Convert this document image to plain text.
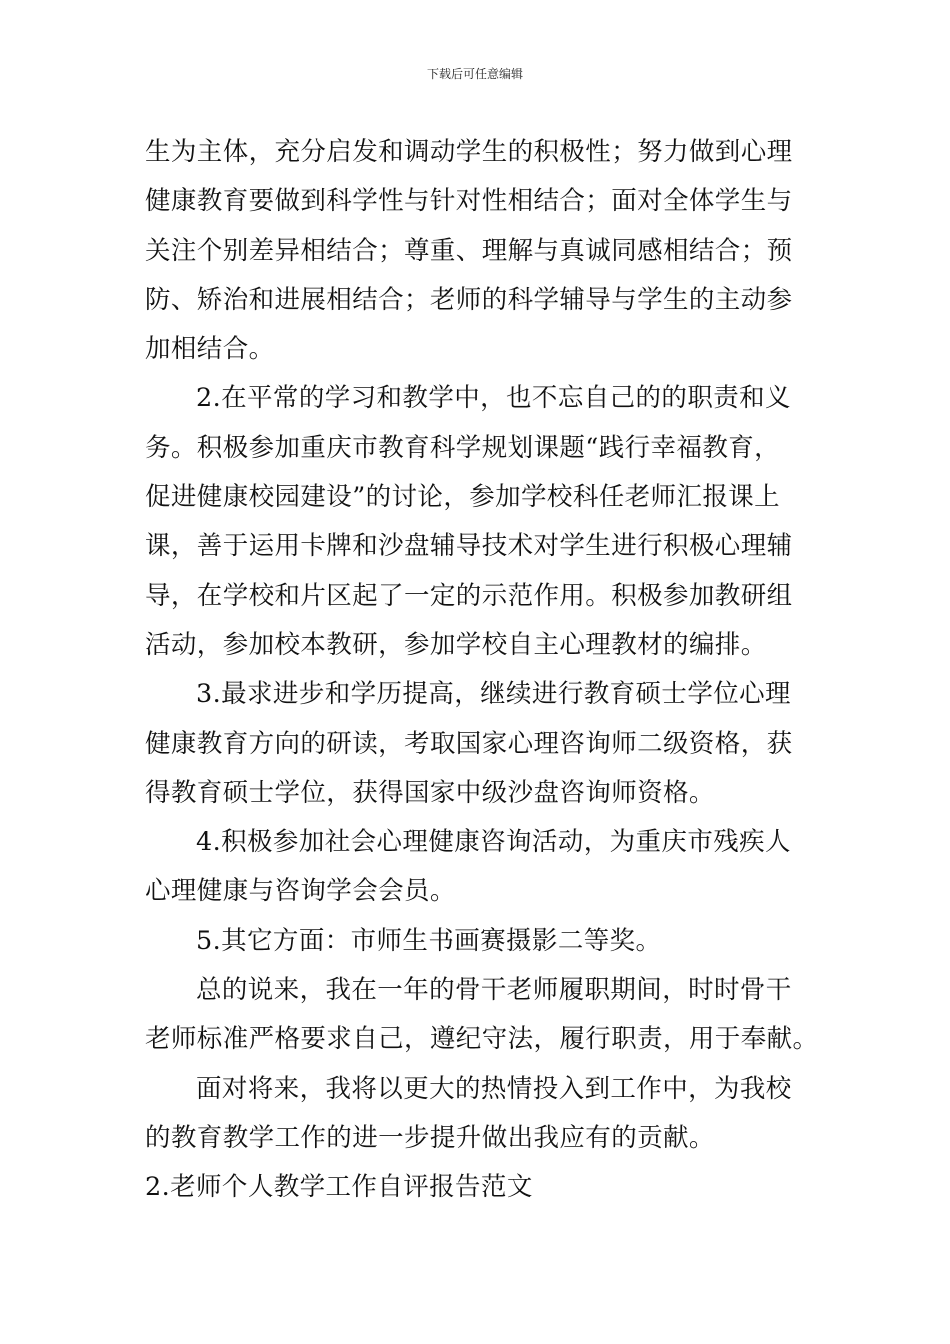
下载后可任意编辑
生为主体，充分启发和调动学生的积极性；努力做到心理
健康教育要做到科学性与针对性相结合；面对全体学生与
关注个别差异相结合；尊重、理解与真诚同感相结合；预
防、矫治和进展相结合；老师的科学辅导与学生的主动参
加相结合。
2.在平常的学习和教学中，也不忘自己的的职责和义
务。积极参加重庆市教育科学规划课题“践行幸福教育，
促进健康校园建设”的讨论，参加学校科任老师汇报课上
课，善于运用卡牌和沙盘辅导技术对学生进行积极心理辅
导，在学校和片区起了一定的示范作用。积极参加教研组
活动，参加校本教研，参加学校自主心理教材的编排。
3.最求进步和学历提高，继续进行教育硕士学位心理
健康教育方向的研读，考取国家心理咨询师二级资格，获
得教育硕士学位，获得国家中级沙盘咨询师资格。
4.积极参加社会心理健康咨询活动，为重庆市残疾人
心理健康与咨询学会会员。
5.其它方面：市师生书画赛摄影二等奖。
总的说来，我在一年的骨干老师履职期间，时时骨干
老师标准严格要求自己，遵纪守法，履行职责，用于奉献。
面对将来，我将以更大的热情投入到工作中，为我校
的教育教学工作的进一步提升做出我应有的贡献。
2.老师个人教学工作自评报告范文
